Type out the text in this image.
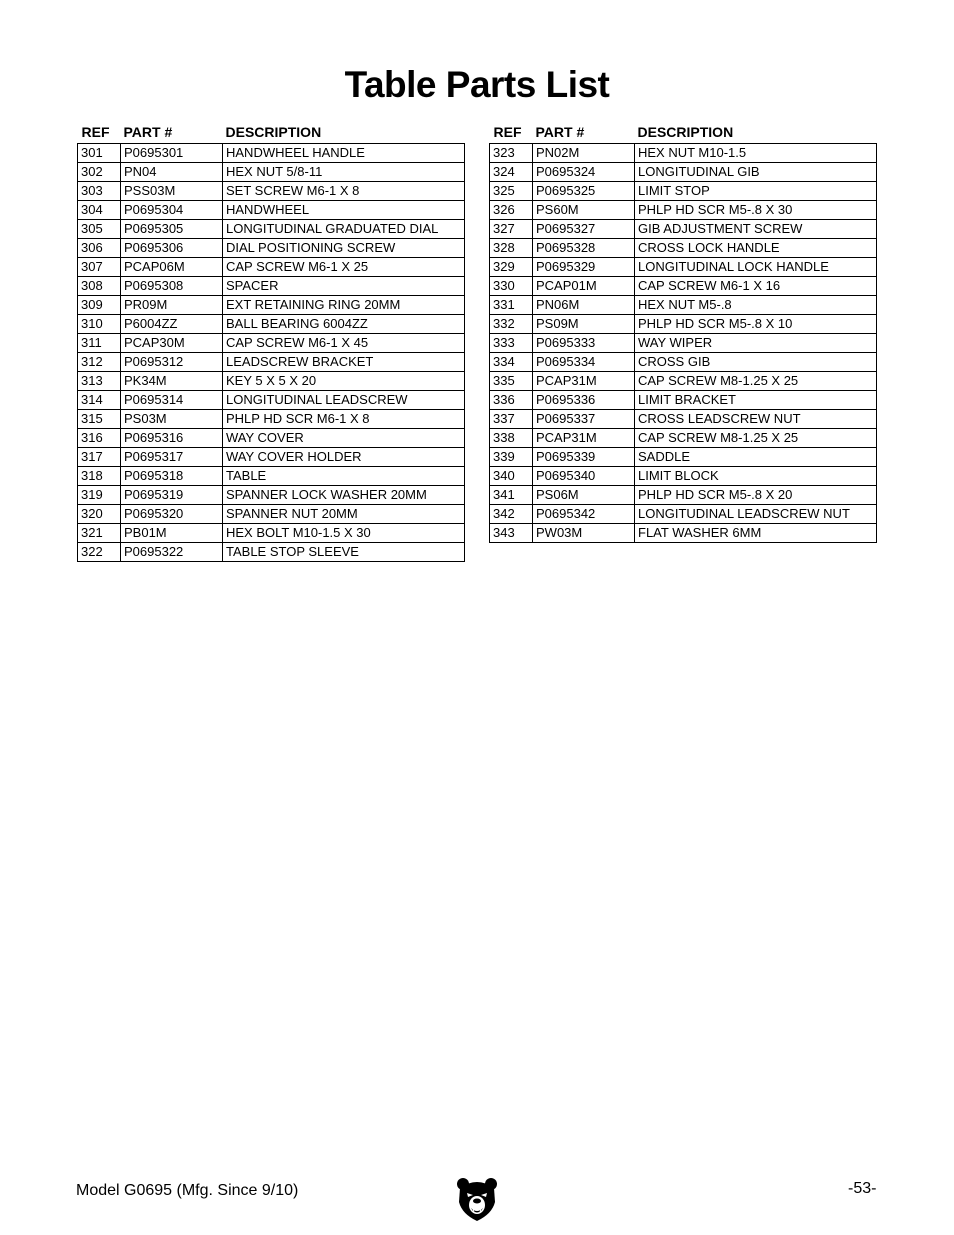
Table Parts List
REF	PART #	DESCRIPTION
301	P0695301	HANDWHEEL HANDLE
302	PN04	HEX NUT 5/8-11
303	PSS03M	SET SCREW M6-1 X 8
304	P0695304	HANDWHEEL
305	P0695305	LONGITUDINAL GRADUATED DIAL
306	P0695306	DIAL POSITIONING SCREW
307	PCAP06M	CAP SCREW M6-1 X 25
308	P0695308	SPACER
309	PR09M	EXT RETAINING RING 20MM
310	P6004ZZ	BALL BEARING 6004ZZ
311	PCAP30M	CAP SCREW M6-1 X 45
312	P0695312	LEADSCREW BRACKET
313	PK34M	KEY 5 X 5 X 20
314	P0695314	LONGITUDINAL LEADSCREW
315	PS03M	PHLP HD SCR M6-1 X 8
316	P0695316	WAY COVER
317	P0695317	WAY COVER HOLDER
318	P0695318	TABLE
319	P0695319	SPANNER LOCK WASHER 20MM
320	P0695320	SPANNER NUT 20MM
321	PB01M	HEX BOLT M10-1.5 X 30
322	P0695322	TABLE STOP SLEEVE
REF	PART #	DESCRIPTION
323	PN02M	HEX NUT M10-1.5
324	P0695324	LONGITUDINAL GIB
325	P0695325	LIMIT STOP
326	PS60M	PHLP HD SCR M5-.8 X 30
327	P0695327	GIB ADJUSTMENT SCREW
328	P0695328	CROSS LOCK HANDLE
329	P0695329	LONGITUDINAL LOCK HANDLE
330	PCAP01M	CAP SCREW M6-1 X 16
331	PN06M	HEX NUT M5-.8
332	PS09M	PHLP HD SCR M5-.8 X 10
333	P0695333	WAY WIPER
334	P0695334	CROSS GIB
335	PCAP31M	CAP SCREW M8-1.25 X 25
336	P0695336	LIMIT BRACKET
337	P0695337	CROSS LEADSCREW NUT
338	PCAP31M	CAP SCREW M8-1.25 X 25
339	P0695339	SADDLE
340	P0695340	LIMIT BLOCK
341	PS06M	PHLP HD SCR M5-.8 X 20
342	P0695342	LONGITUDINAL LEADSCREW NUT
343	PW03M	FLAT WASHER 6MM
Model G0695 (Mfg. Since 9/10)	-53-
